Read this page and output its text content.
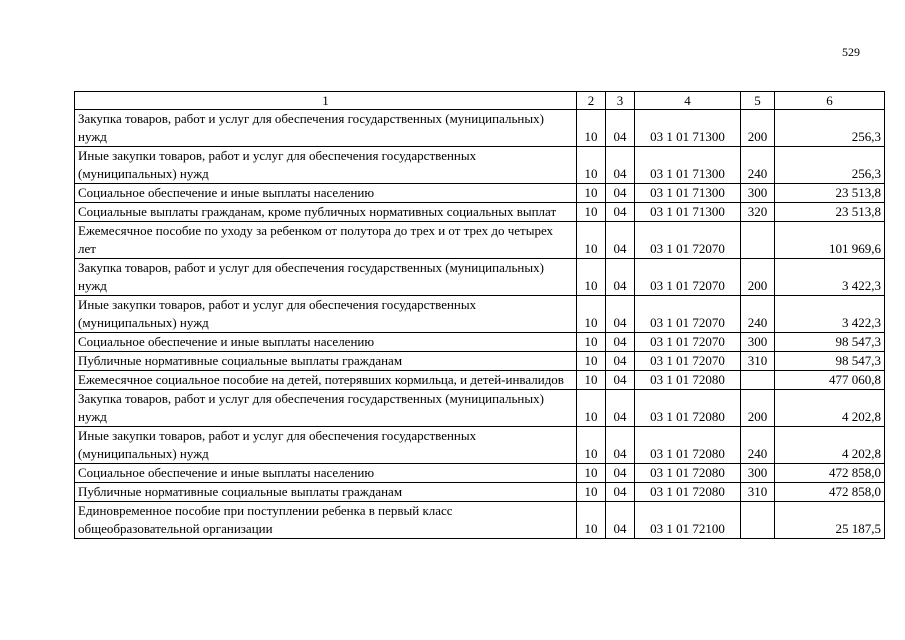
529
1	2	3	4	5	6
Закупка товаров, работ и услуг для обеспечения государственных (муниципальных) нужд	10	04	03 1 01 71300	200	256,3
Иные закупки товаров, работ и услуг для обеспечения государственных (муниципальных) нужд	10	04	03 1 01 71300	240	256,3
Социальное обеспечение и иные выплаты населению	10	04	03 1 01 71300	300	23 513,8
Социальные выплаты гражданам, кроме публичных нормативных социальных выплат	10	04	03 1 01 71300	320	23 513,8
Ежемесячное пособие по уходу за ребенком от полутора до трех и от трех до четырех лет	10	04	03 1 01 72070		101 969,6
Закупка товаров, работ и услуг для обеспечения государственных (муниципальных) нужд	10	04	03 1 01 72070	200	3 422,3
Иные закупки товаров, работ и услуг для обеспечения государственных (муниципальных) нужд	10	04	03 1 01 72070	240	3 422,3
Социальное обеспечение и иные выплаты населению	10	04	03 1 01 72070	300	98 547,3
Публичные нормативные социальные выплаты гражданам	10	04	03 1 01 72070	310	98 547,3
Ежемесячное социальное пособие на детей, потерявших кормильца, и детей-инвалидов	10	04	03 1 01 72080		477 060,8
Закупка товаров, работ и услуг для обеспечения государственных (муниципальных) нужд	10	04	03 1 01 72080	200	4 202,8
Иные закупки товаров, работ и услуг для обеспечения государственных (муниципальных) нужд	10	04	03 1 01 72080	240	4 202,8
Социальное обеспечение и иные выплаты населению	10	04	03 1 01 72080	300	472 858,0
Публичные нормативные социальные выплаты гражданам	10	04	03 1 01 72080	310	472 858,0
Единовременное пособие при поступлении ребенка в первый класс общеобразовательной организации	10	04	03 1 01 72100		25 187,5
